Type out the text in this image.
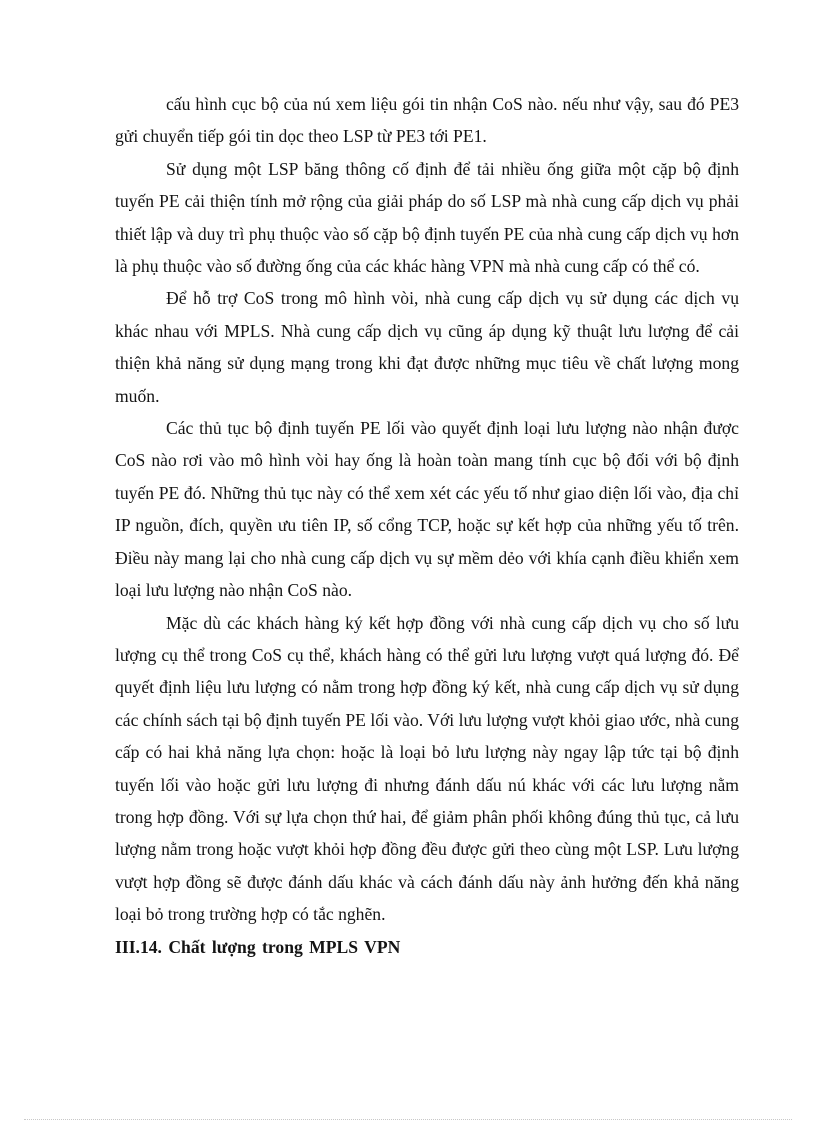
cấu hình cục bộ của nú xem liệu gói tin nhận CoS nào. nếu như vậy, sau đó PE3 gửi chuyển tiếp gói tin dọc theo LSP từ PE3 tới PE1.

Sử dụng một LSP băng thông cố định để tải nhiều ống giữa một cặp bộ định tuyến PE cải thiện tính mở rộng của giải pháp do số LSP mà nhà cung cấp dịch vụ phải thiết lập và duy trì phụ thuộc vào số cặp bộ định tuyến PE của nhà cung cấp dịch vụ hơn là phụ thuộc vào số đường ống của các khác hàng VPN mà nhà cung cấp có thể có.

Để hỗ trợ CoS trong mô hình vòi, nhà cung cấp dịch vụ sử dụng các dịch vụ khác nhau với MPLS. Nhà cung cấp dịch vụ cũng áp dụng kỹ thuật lưu lượng để cải thiện khả năng sử dụng mạng trong khi đạt được những mục tiêu về chất lượng mong muốn.

Các thủ tục bộ định tuyến PE lối vào quyết định loại lưu lượng nào nhận được CoS nào rơi vào mô hình vòi hay ống là hoàn toàn mang tính cục bộ đối với bộ định tuyến PE đó. Những thủ tục này có thể xem xét các yếu tố như giao diện lối vào, địa chỉ IP nguồn, đích, quyền ưu tiên IP, số cổng TCP, hoặc sự kết hợp của những yếu tố trên. Điều này mang lại cho nhà cung cấp dịch vụ sự mềm dẻo với khía cạnh điều khiển xem loại lưu lượng nào nhận CoS nào.

Mặc dù các khách hàng ký kết hợp đồng với nhà cung cấp dịch vụ cho số lưu lượng cụ thể trong CoS cụ thể, khách hàng có thể gửi lưu lượng vượt quá lượng đó. Để quyết định liệu lưu lượng có nằm trong hợp đồng ký kết, nhà cung cấp dịch vụ sử dụng các chính sách tại bộ định tuyến PE lối vào. Với lưu lượng vượt khỏi giao ước, nhà cung cấp có hai khả năng lựa chọn: hoặc là loại bỏ lưu lượng này ngay lập tức tại bộ định tuyến lối vào hoặc gửi lưu lượng đi nhưng đánh dấu nú khác với các lưu lượng nằm trong hợp đồng. Với sự lựa chọn thứ hai, để giảm phân phối không đúng thủ tục, cả lưu lượng nằm trong hoặc vượt khỏi hợp đồng đều được gửi theo cùng một LSP. Lưu lượng vượt hợp đồng sẽ được đánh dấu khác và cách đánh dấu này ảnh hưởng đến khả năng loại bỏ trong trường hợp có tắc nghẽn.

III.14. Chất lượng trong MPLS VPN
